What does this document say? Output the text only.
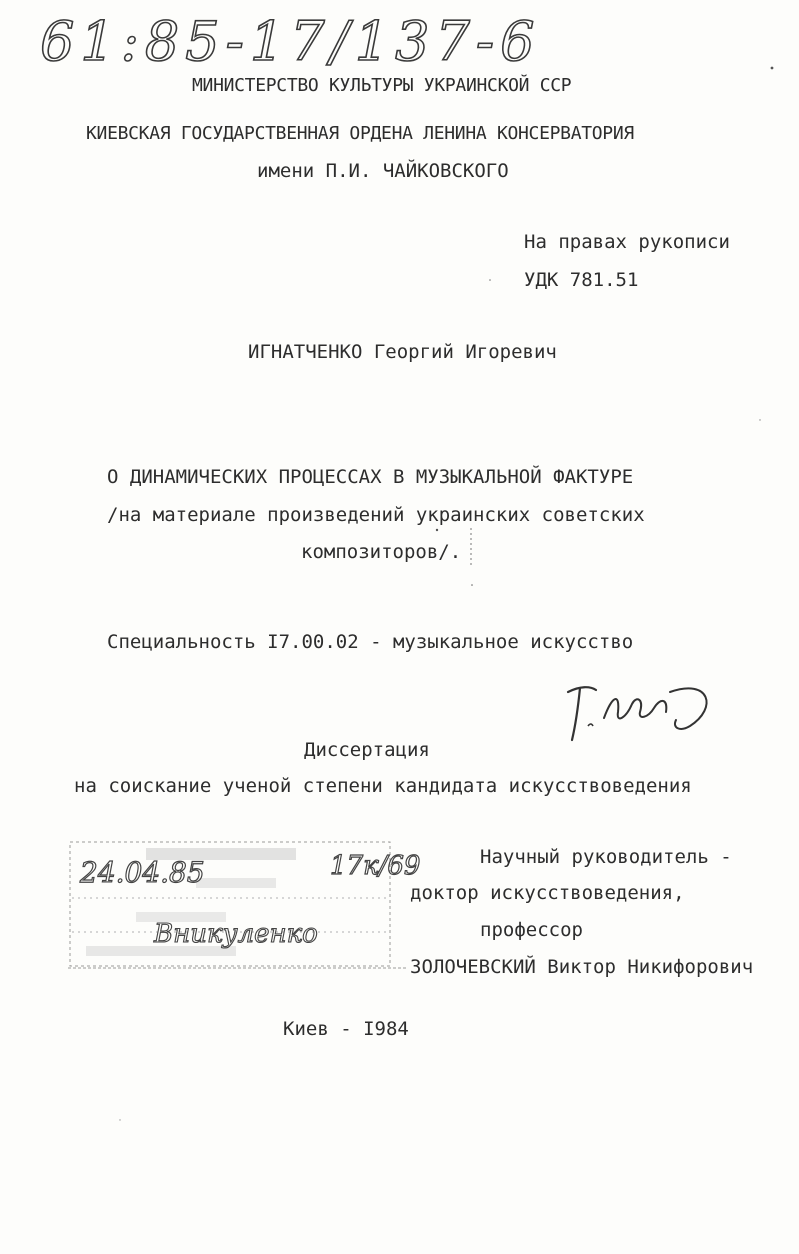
61:85-17/137-6
МИНИСТЕРСТВО КУЛЬТУРЫ УКРАИНСКОЙ ССР
КИЕВСКАЯ ГОСУДАРСТВЕННАЯ ОРДЕНА ЛЕНИНА КОНСЕРВАТОРИЯ
имени П.И. ЧАЙКОВСКОГО
На правах рукописи
УДК 781.51
ИГНАТЧЕНКО Георгий Игоревич
О ДИНАМИЧЕСКИХ ПРОЦЕССАХ В МУЗЫКАЛЬНОЙ ФАКТУРЕ
/на материале произведений украинских советских
композиторов/.
Специальность I7.00.02 - музыкальное искусство
Диссертация
на соискание ученой степени кандидата искусствоведения
24.04.85	17к/69
Вникуленко
Научный руководитель -
доктор искусствоведения,
профессор
ЗОЛОЧЕВСКИЙ Виктор Никифорович
Киев - I984
